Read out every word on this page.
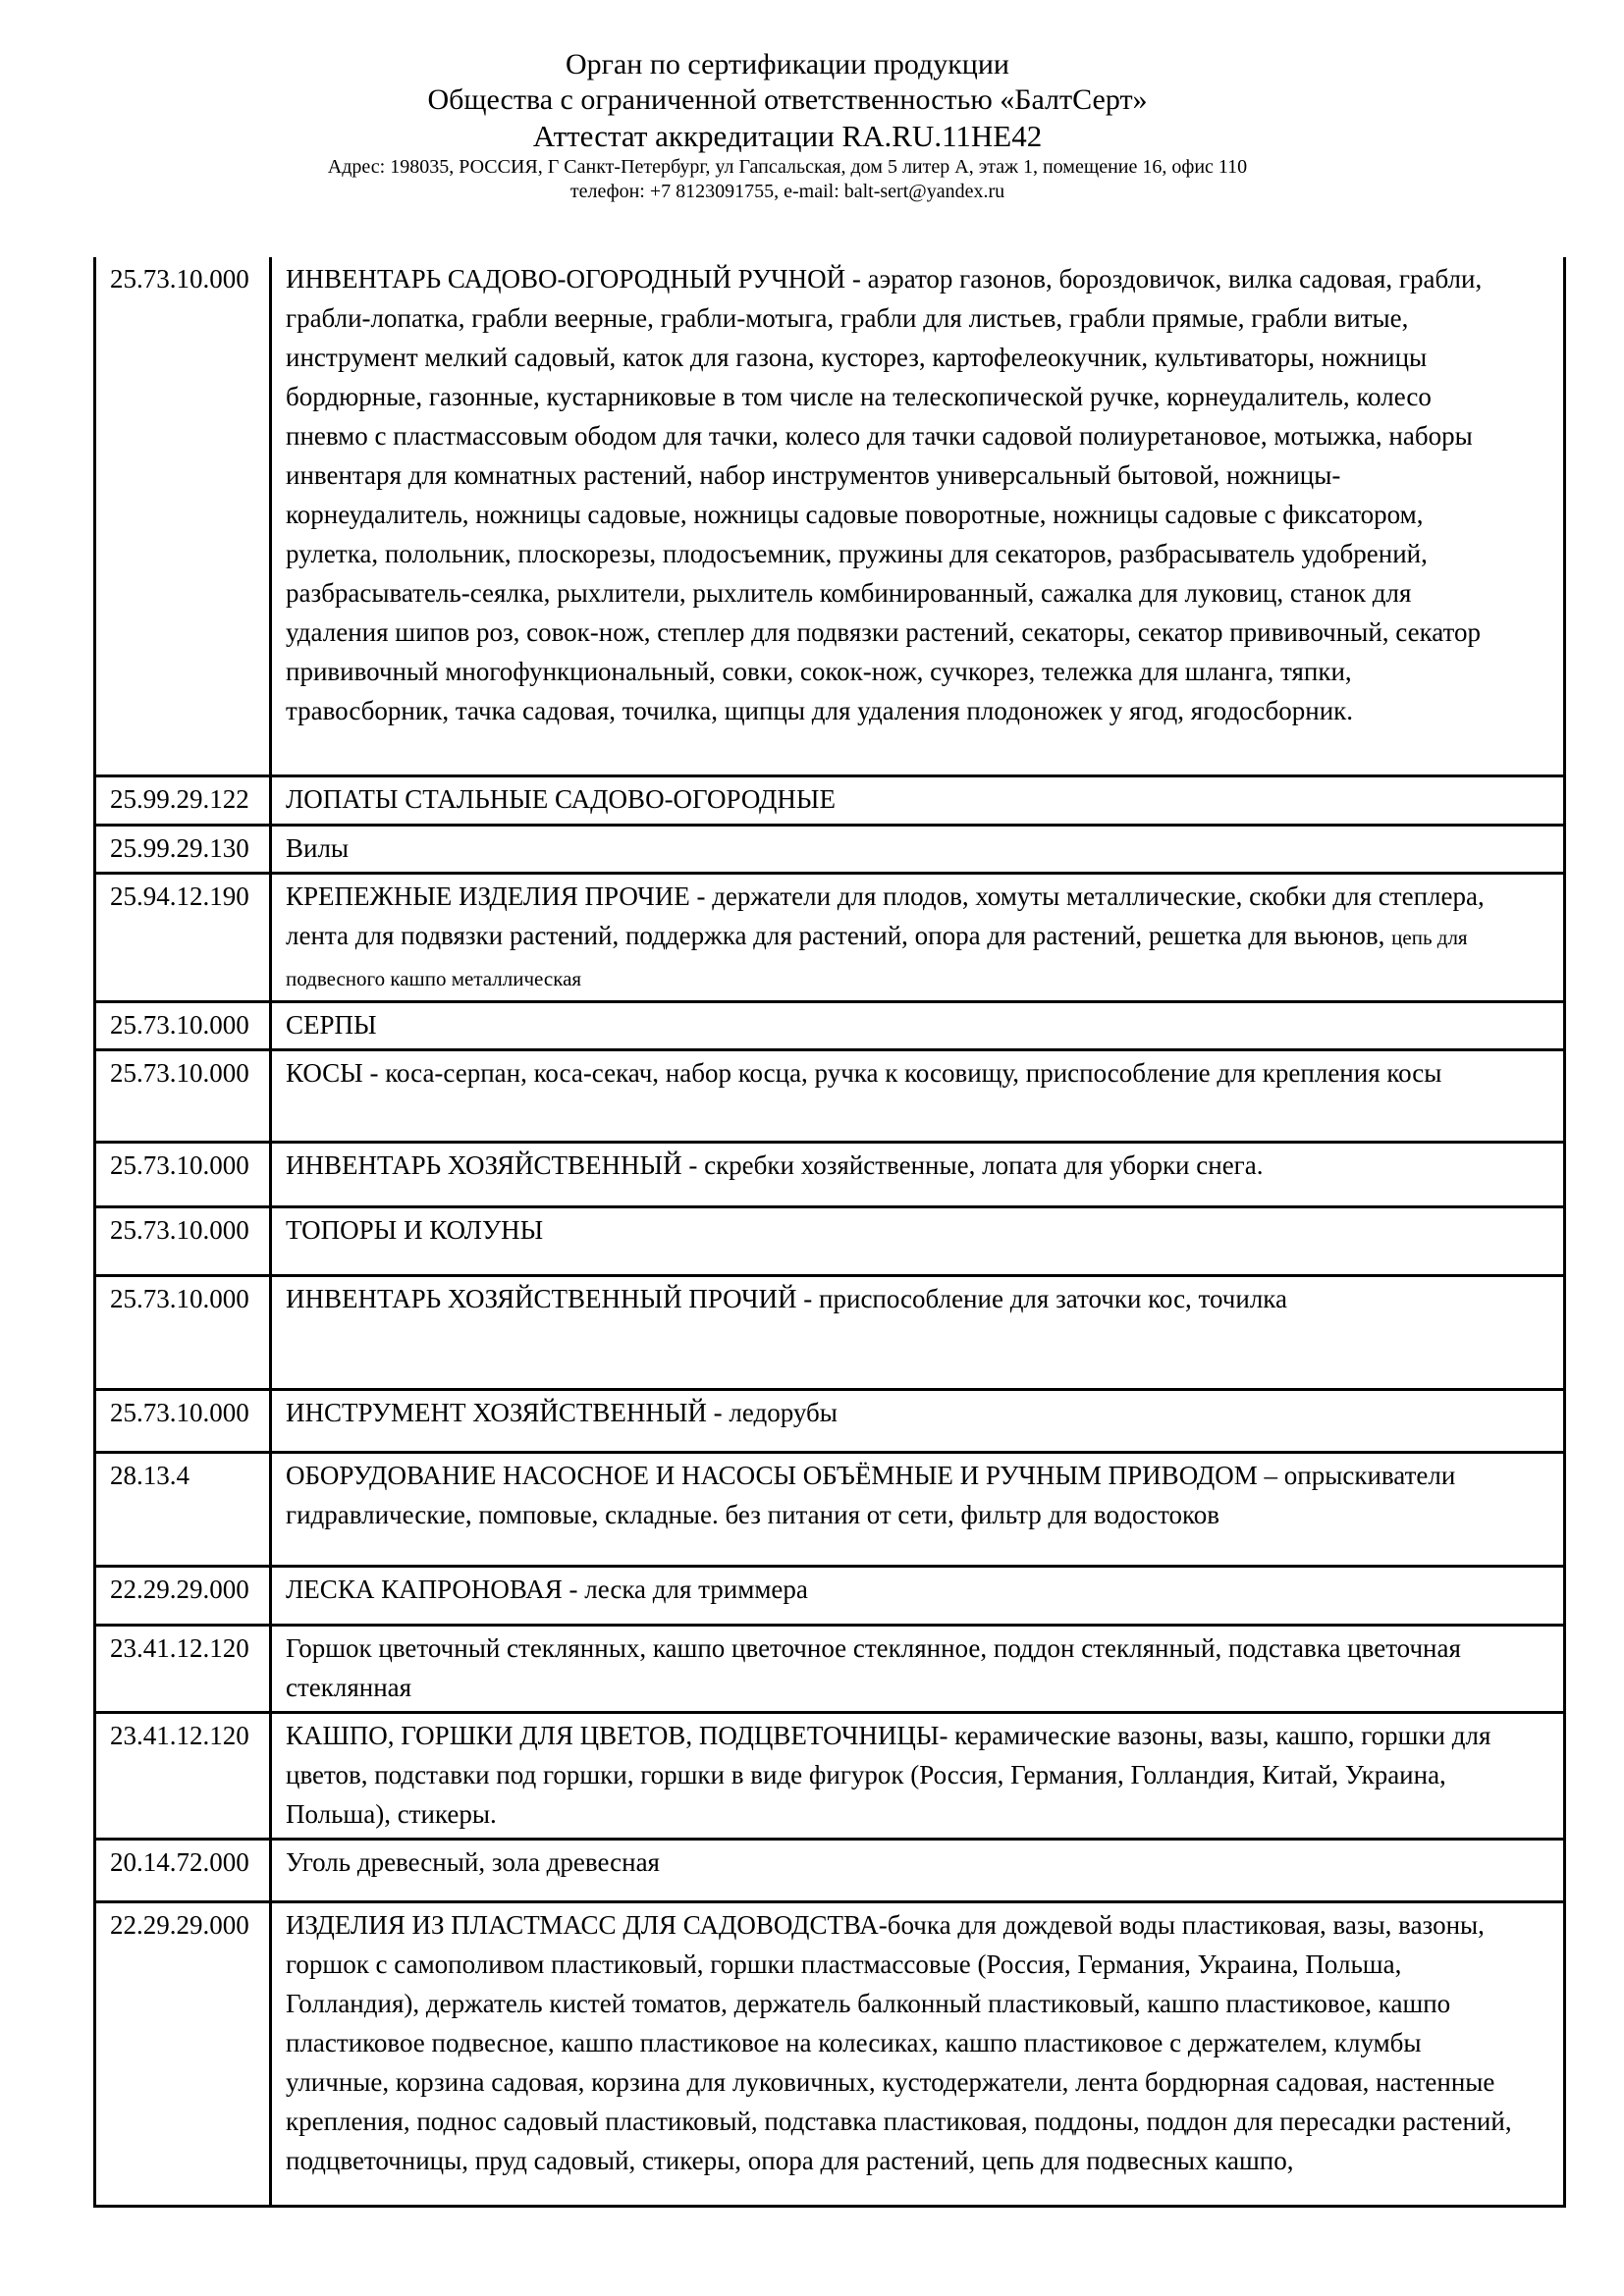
Орган по сертификации продукции
Общества с ограниченной ответственностью «БалтСерт»
Аттестат аккредитации RA.RU.11НЕ42
Адрес: 198035, РОССИЯ, Г Санкт-Петербург, ул Гапсальская, дом 5 литер А, этаж 1, помещение 16, офис 110
телефон: +7 8123091755, e-mail: balt-sert@yandex.ru
25.73.10.000	ИНВЕНТАРЬ САДОВО-ОГОРОДНЫЙ РУЧНОЙ - аэратор газонов, бороздовичок, вилка садовая, грабли, грабли-лопатка, грабли веерные, грабли-мотыга, грабли для листьев, грабли прямые, грабли витые, инструмент мелкий садовый, каток для газона, кусторез, картофелеокучник, культиваторы, ножницы бордюрные, газонные, кустарниковые в том числе на телескопической ручке, корнеудалитель, колесо пневмо с пластмассовым ободом для тачки, колесо для тачки садовой полиуретановое, мотыжка, наборы инвентаря для комнатных растений, набор инструментов универсальный бытовой, ножницы-корнеудалитель, ножницы садовые, ножницы садовые поворотные, ножницы садовые с фиксатором, рулетка, полольник, плоскорезы, плодосъемник, пружины для секаторов, разбрасыватель удобрений, разбрасыватель-сеялка, рыхлители, рыхлитель комбинированный, сажалка для луковиц, станок для удаления шипов роз, совок-нож, степлер для подвязки растений, секаторы, секатор прививочный, секатор прививочный многофункциональный, совки, сокок-нож, сучкорез, тележка для шланга, тяпки, травосборник, тачка садовая, точилка, щипцы для удаления плодоножек у ягод, ягодосборник.
25.99.29.122	ЛОПАТЫ СТАЛЬНЫЕ САДОВО-ОГОРОДНЫЕ
25.99.29.130	Вилы
25.94.12.190	КРЕПЕЖНЫЕ ИЗДЕЛИЯ ПРОЧИЕ - держатели для плодов, хомуты металлические, скобки для степлера, лента для подвязки растений, поддержка для растений, опора для растений, решетка для вьюнов, цепь для подвесного кашпо металлическая
25.73.10.000	СЕРПЫ
25.73.10.000	КОСЫ - коса-серпан, коса-секач, набор косца, ручка к косовищу, приспособление для крепления косы
25.73.10.000	ИНВЕНТАРЬ ХОЗЯЙСТВЕННЫЙ - скребки хозяйственные, лопата для уборки снега.
25.73.10.000	ТОПОРЫ И КОЛУНЫ
25.73.10.000	ИНВЕНТАРЬ ХОЗЯЙСТВЕННЫЙ ПРОЧИЙ - приспособление для заточки кос, точилка
25.73.10.000	ИНСТРУМЕНТ ХОЗЯЙСТВЕННЫЙ - ледорубы
28.13.4	ОБОРУДОВАНИЕ НАСОСНОЕ И НАСОСЫ ОБЪЁМНЫЕ И РУЧНЫМ ПРИВОДОМ – опрыскиватели гидравлические, помповые, складные. без питания от сети, фильтр для водостоков
22.29.29.000	ЛЕСКА КАПРОНОВАЯ - леска для триммера
23.41.12.120	Горшок цветочный стеклянных, кашпо цветочное стеклянное, поддон стеклянный, подставка цветочная стеклянная
23.41.12.120	КАШПО, ГОРШКИ ДЛЯ ЦВЕТОВ, ПОДЦВЕТОЧНИЦЫ- керамические вазоны, вазы, кашпо, горшки для цветов, подставки под горшки, горшки в виде фигурок (Россия, Германия, Голландия, Китай, Украина, Польша), стикеры.
20.14.72.000	Уголь древесный, зола древесная
22.29.29.000	ИЗДЕЛИЯ ИЗ ПЛАСТМАСС ДЛЯ САДОВОДСТВА-бочка для дождевой воды пластиковая, вазы, вазоны, горшок с самополивом пластиковый, горшки пластмассовые (Россия, Германия, Украина, Польша, Голландия), держатель кистей томатов, держатель балконный пластиковый, кашпо пластиковое, кашпо пластиковое подвесное, кашпо пластиковое на колесиках, кашпо пластиковое с держателем, клумбы уличные, корзина садовая, корзина для луковичных, кустодержатели, лента бордюрная садовая, настенные крепления, поднос садовый пластиковый, подставка пластиковая, поддоны, поддон для пересадки растений, подцветочницы, пруд садовый, стикеры, опора для растений, цепь для подвесных кашпо,
